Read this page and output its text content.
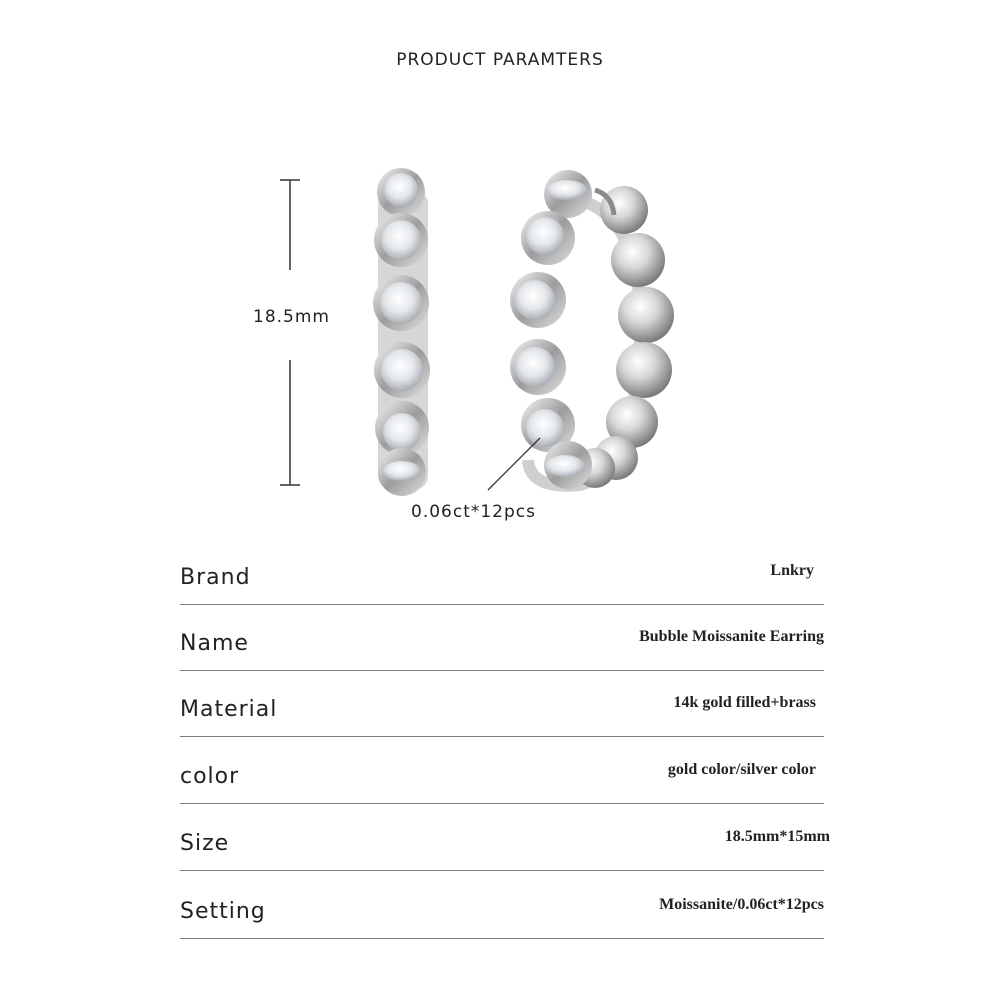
PRODUCT PARAMTERS
18.5mm
0.06ct*12pcs
Brand	Lnkry
Name	Bubble Moissanite Earring
Material	14k gold filled+brass
color	gold color/silver color
Size	18.5mm*15mm
Setting	Moissanite/0.06ct*12pcs
